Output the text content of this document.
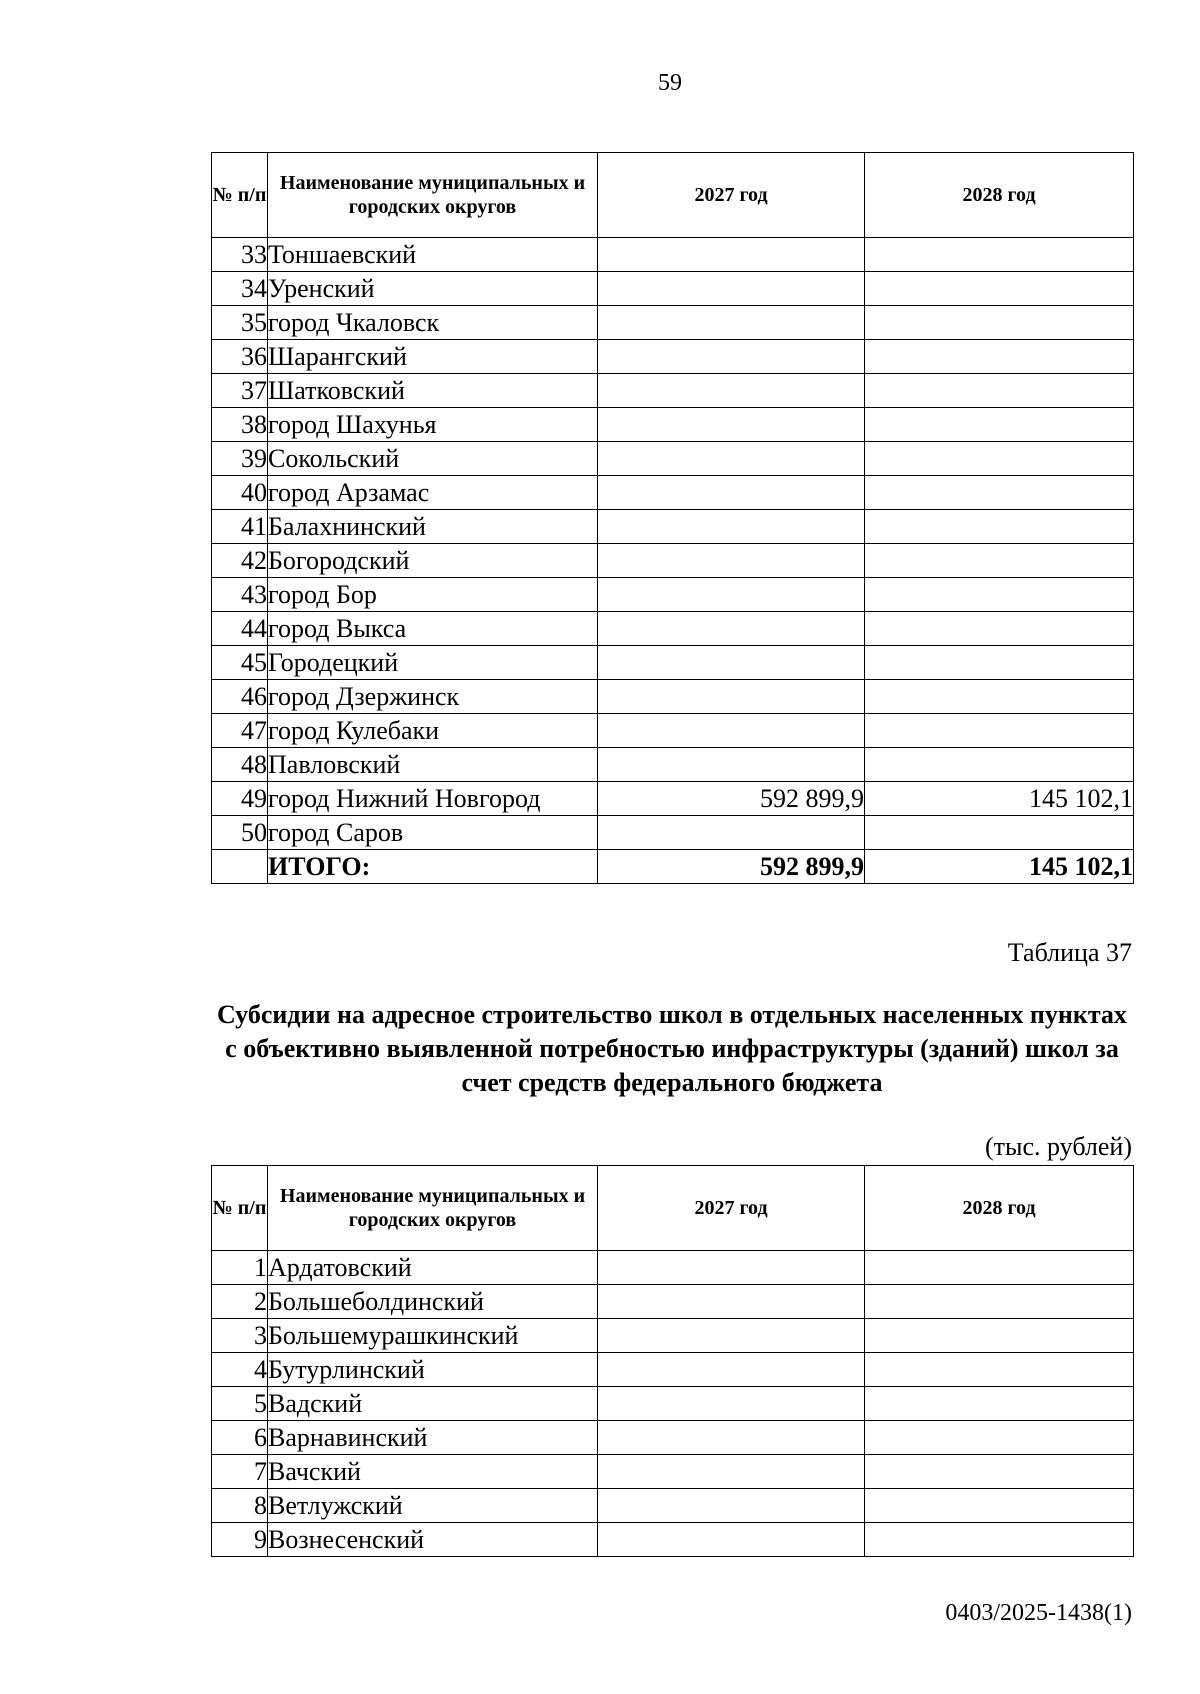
59
№ п/п	Наименование муниципальных и городских округов	2027 год	2028 год
33	Тоншаевский		
34	Уренский		
35	город Чкаловск		
36	Шарангский		
37	Шатковский		
38	город Шахунья		
39	Сокольский		
40	город Арзамас		
41	Балахнинский		
42	Богородский		
43	город Бор		
44	город Выкса		
45	Городецкий		
46	город Дзержинск		
47	город Кулебаки		
48	Павловский		
49	город Нижний Новгород	592 899,9	145 102,1
50	город Саров		
	ИТОГО:	592 899,9	145 102,1
Таблица 37
Субсидии на адресное строительство школ в отдельных населенных пунктах с объективно выявленной потребностью инфраструктуры (зданий) школ за счет средств федерального бюджета
(тыс. рублей)
№ п/п	Наименование муниципальных и городских округов	2027 год	2028 год
1	Ардатовский		
2	Большеболдинский		
3	Большемурашкинский		
4	Бутурлинский		
5	Вадский		
6	Варнавинский		
7	Вачский		
8	Ветлужский		
9	Вознесенский		
0403/2025-1438(1)
